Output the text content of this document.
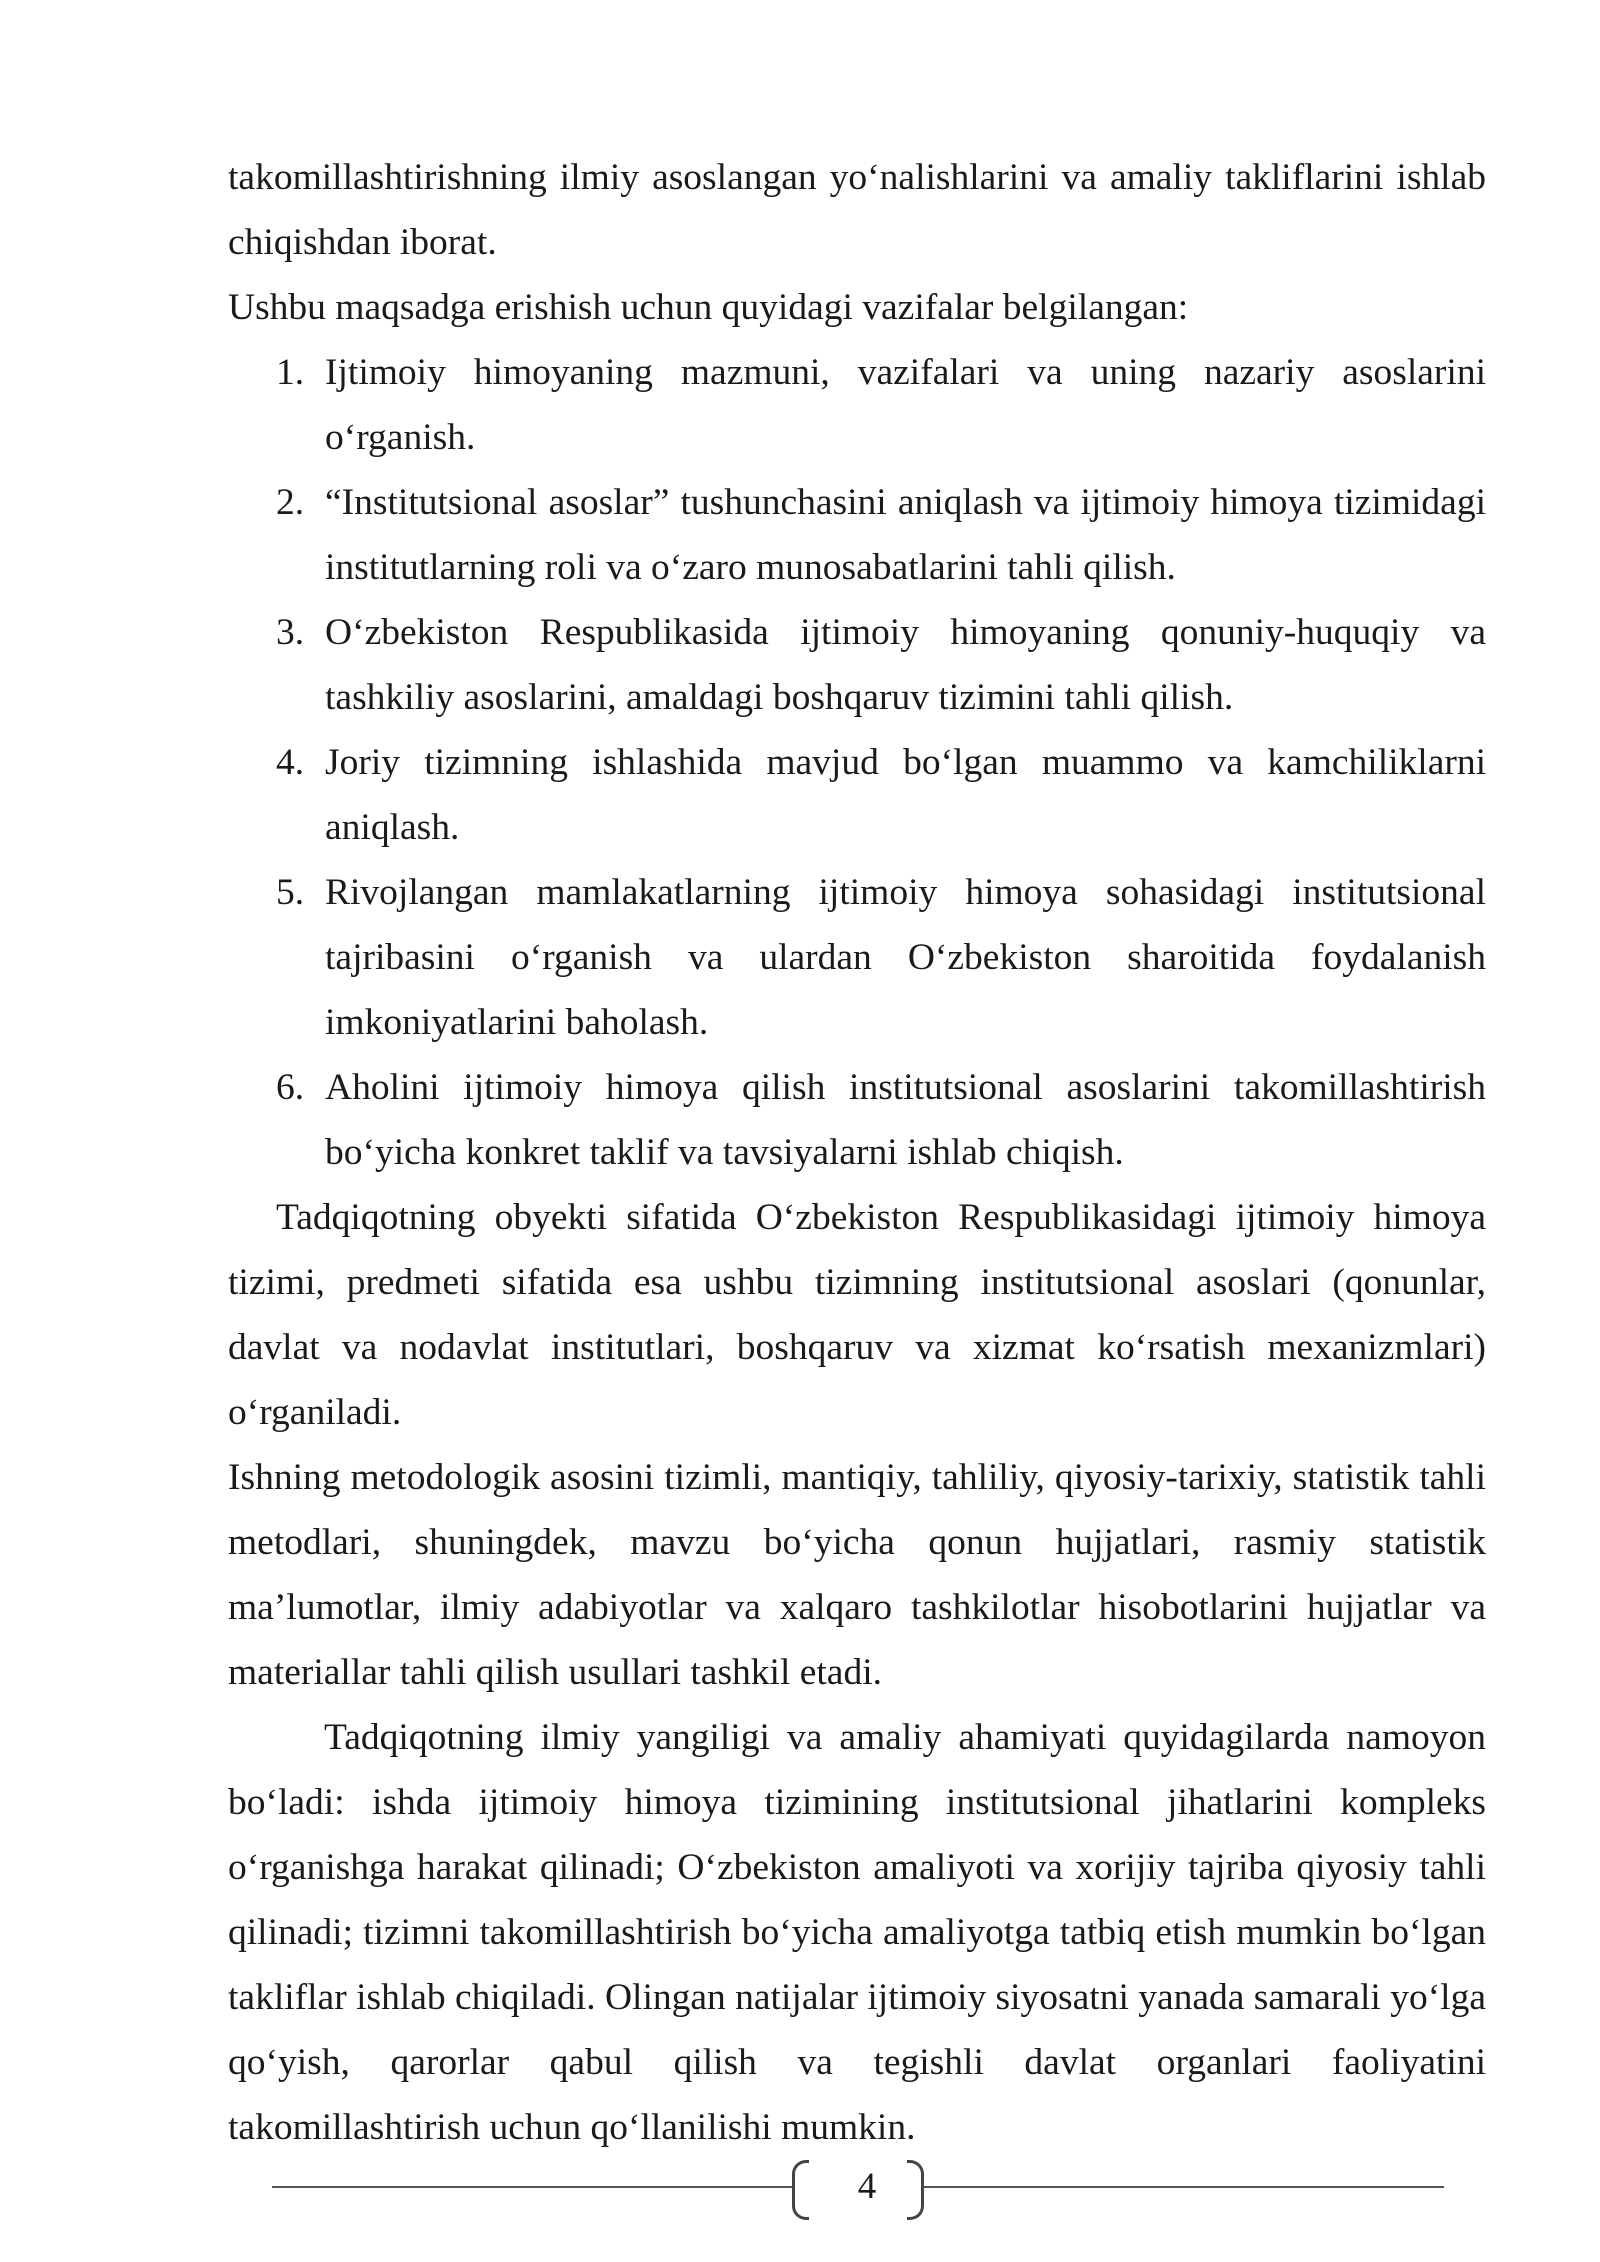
takomillashtirishning ilmiy asoslangan yo‘nalishlarini va amaliy takliflarini ishlab chiqishdan iborat.

Ushbu maqsadga erishish uchun quyidagi vazifalar belgilangan:

1. Ijtimoiy himoyaning mazmuni, vazifalari va uning nazariy asoslarini o‘rganish.
2. “Institutsional asoslar” tushunchasini aniqlash va ijtimoiy himoya tizimidagi institutlarning roli va o‘zaro munosabatlarini tahli qilish.
3. O‘zbekiston Respublikasida ijtimoiy himoyaning qonuniy-huquqiy va tashkiliy asoslarini, amaldagi boshqaruv tizimini tahli qilish.
4. Joriy tizimning ishlashida mavjud bo‘lgan muammo va kamchiliklarni aniqlash.
5. Rivojlangan mamlakatlarning ijtimoiy himoya sohasidagi institutsional tajribasini o‘rganish va ulardan O‘zbekiston sharoitida foydalanish imkoniyatlarini baholash.
6. Aholini ijtimoiy himoya qilish institutsional asoslarini takomillashtirish bo‘yicha konkret taklif va tavsiyalarni ishlab chiqish.

Tadqiqotning obyekti sifatida O‘zbekiston Respublikasidagi ijtimoiy himoya tizimi, predmeti sifatida esa ushbu tizimning institutsional asoslari (qonunlar, davlat va nodavlat institutlari, boshqaruv va xizmat ko‘rsatish mexanizmlari) o‘rganiladi.

Ishning metodologik asosini tizimli, mantiqiy, tahliliy, qiyosiy-tarixiy, statistik tahli metodlari, shuningdek, mavzu bo‘yicha qonun hujjatlari, rasmiy statistik ma’lumotlar, ilmiy adabiyotlar va xalqaro tashkilotlar hisobotlarini hujjatlar va materiallar tahli qilish usullari tashkil etadi.

Tadqiqotning ilmiy yangiligi va amaliy ahamiyati quyidagilarda namoyon bo‘ladi: ishda ijtimoiy himoya tizimining institutsional jihatlarini kompleks o‘rganishga harakat qilinadi; O‘zbekiston amaliyoti va xorijiy tajriba qiyosiy tahli qilinadi; tizimni takomillashtirish bo‘yicha amaliyotga tatbiq etish mumkin bo‘lgan takliflar ishlab chiqiladi. Olingan natijalar ijtimoiy siyosatni yanada samarali yo‘lga qo‘yish, qarorlar qabul qilish va tegishli davlat organlari faoliyatini takomillashtirish uchun qo‘llanilishi mumkin.

4
